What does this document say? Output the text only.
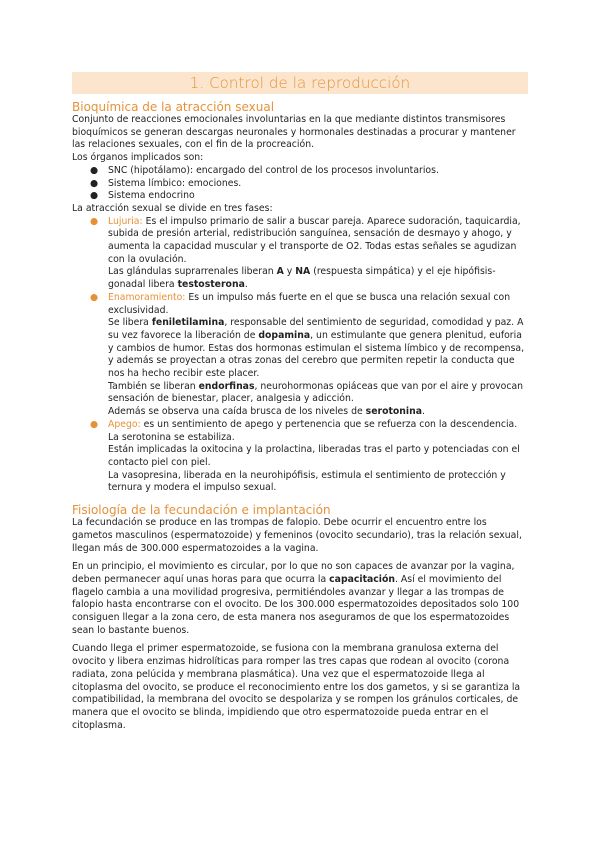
1. Control de la reproducción
Bioquímica de la atracción sexual

Conjunto de reacciones emocionales involuntarias en la que mediante distintos transmisores bioquímicos se generan descargas neuronales y hormonales destinadas a procurar y mantener las relaciones sexuales, con el fin de la procreación.

Los órganos implicados son:

● SNC (hipotálamo): encargado del control de los procesos involuntarios.
● Sistema límbico: emociones.
● Sistema endocrino

La atracción sexual se divide en tres fases:

● Lujuria: Es el impulso primario de salir a buscar pareja. Aparece sudoración, taquicardia, subida de presión arterial, redistribución sanguínea, sensación de desmayo y ahogo, y aumenta la capacidad muscular y el transporte de O2. Todas estas señales se agudizan con la ovulación.
Las glándulas suprarrenales liberan A y NA (respuesta simpática) y el eje hipófisis-gonadal libera testosterona.
● Enamoramiento: Es un impulso más fuerte en el que se busca una relación sexual con exclusividad.
Se libera feniletilamina, responsable del sentimiento de seguridad, comodidad y paz. A su vez favorece la liberación de dopamina, un estimulante que genera plenitud, euforia y cambios de humor. Estas dos hormonas estimulan el sistema límbico y de recompensa, y además se proyectan a otras zonas del cerebro que permiten repetir la conducta que nos ha hecho recibir este placer.
También se liberan endorfinas, neurohormonas opiáceas que van por el aire y provocan sensación de bienestar, placer, analgesia y adicción.
Además se observa una caída brusca de los niveles de serotonina.
● Apego: es un sentimiento de apego y pertenencia que se refuerza con la descendencia.
La serotonina se estabiliza.
Están implicadas la oxitocina y la prolactina, liberadas tras el parto y potenciadas con el contacto piel con piel.
La vasopresina, liberada en la neurohipófisis, estimula el sentimiento de protección y ternura y modera el impulso sexual.
Fisiología de la fecundación e implantación

La fecundación se produce en las trompas de falopio. Debe ocurrir el encuentro entre los gametos masculinos (espermatozoide) y femeninos (ovocito secundario), tras la relación sexual, llegan más de 300.000 espermatozoides a la vagina.

En un principio, el movimiento es circular, por lo que no son capaces de avanzar por la vagina, deben permanecer aquí unas horas para que ocurra la capacitación. Así el movimiento del flagelo cambia a una movilidad progresiva, permitiéndoles avanzar y llegar a las trompas de falopio hasta encontrarse con el ovocito. De los 300.000 espermatozoides depositados solo 100 consiguen llegar a la zona cero, de esta manera nos aseguramos de que los espermatozoides sean lo bastante buenos.

Cuando llega el primer espermatozoide, se fusiona con la membrana granulosa externa del ovocito y libera enzimas hidrolíticas para romper las tres capas que rodean al ovocito (corona radiata, zona pelúcida y membrana plasmática). Una vez que el espermatozoide llega al citoplasma del ovocito, se produce el reconocimiento entre los dos gametos, y si se garantiza la compatibilidad, la membrana del ovocito se despolariza y se rompen los gránulos corticales, de manera que el ovocito se blinda, impidiendo que otro espermatozoide pueda entrar en el citoplasma.
